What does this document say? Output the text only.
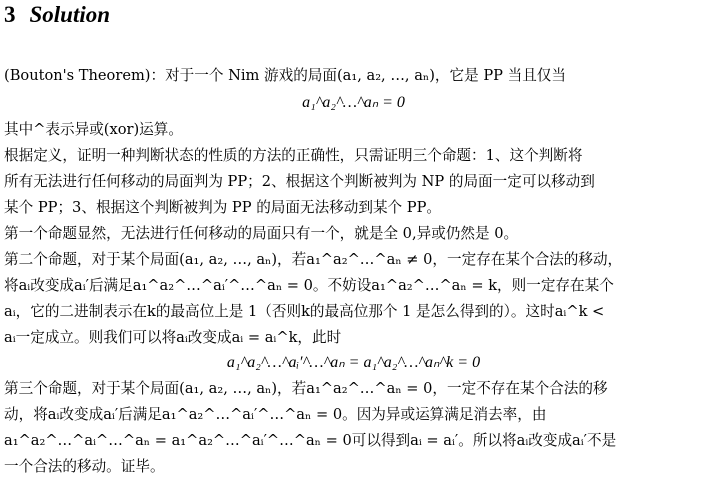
3 Solution
(Bouton's Theorem)：对于一个 Nim 游戏的局面(a₁, a₂, …, aₙ)，它是 PP 当且仅当
a₁^a₂^…^aₙ = 0
其中^表示异或(xor)运算。
根据定义，证明一种判断状态的性质的方法的正确性，只需证明三个命题：1、这个判断将
所有无法进行任何移动的局面判为 PP；2、根据这个判断被判为 NP 的局面一定可以移动到
某个 PP；3、根据这个判断被判为 PP 的局面无法移动到某个 PP。
第一个命题显然，无法进行任何移动的局面只有一个，就是全 0,异或仍然是 0。
第二个命题，对于某个局面(a₁, a₂, …, aₙ)，若a₁^a₂^…^aₙ ≠ 0，一定存在某个合法的移动，
将aᵢ改变成aᵢ′后满足a₁^a₂^…^aᵢ′^…^aₙ = 0。不妨设a₁^a₂^…^aₙ = k，则一定存在某个
aᵢ，它的二进制表示在k的最高位上是 1（否则k的最高位那个 1 是怎么得到的）。这时aᵢ^k <
aᵢ一定成立。则我们可以将aᵢ改变成aᵢ = aᵢ^k，此时
a₁^a₂^…^aᵢ′^…^aₙ = a₁^a₂^…^aₙ^k = 0
第三个命题，对于某个局面(a₁, a₂, …, aₙ)，若a₁^a₂^…^aₙ = 0，一定不存在某个合法的移
动，将aᵢ改变成aᵢ′后满足a₁^a₂^…^aᵢ′^…^aₙ = 0。因为异或运算满足消去率，由
a₁^a₂^…^aᵢ^…^aₙ = a₁^a₂^…^aᵢ′^…^aₙ = 0可以得到aᵢ = aᵢ′。所以将aᵢ改变成aᵢ′不是
一个合法的移动。证毕。
